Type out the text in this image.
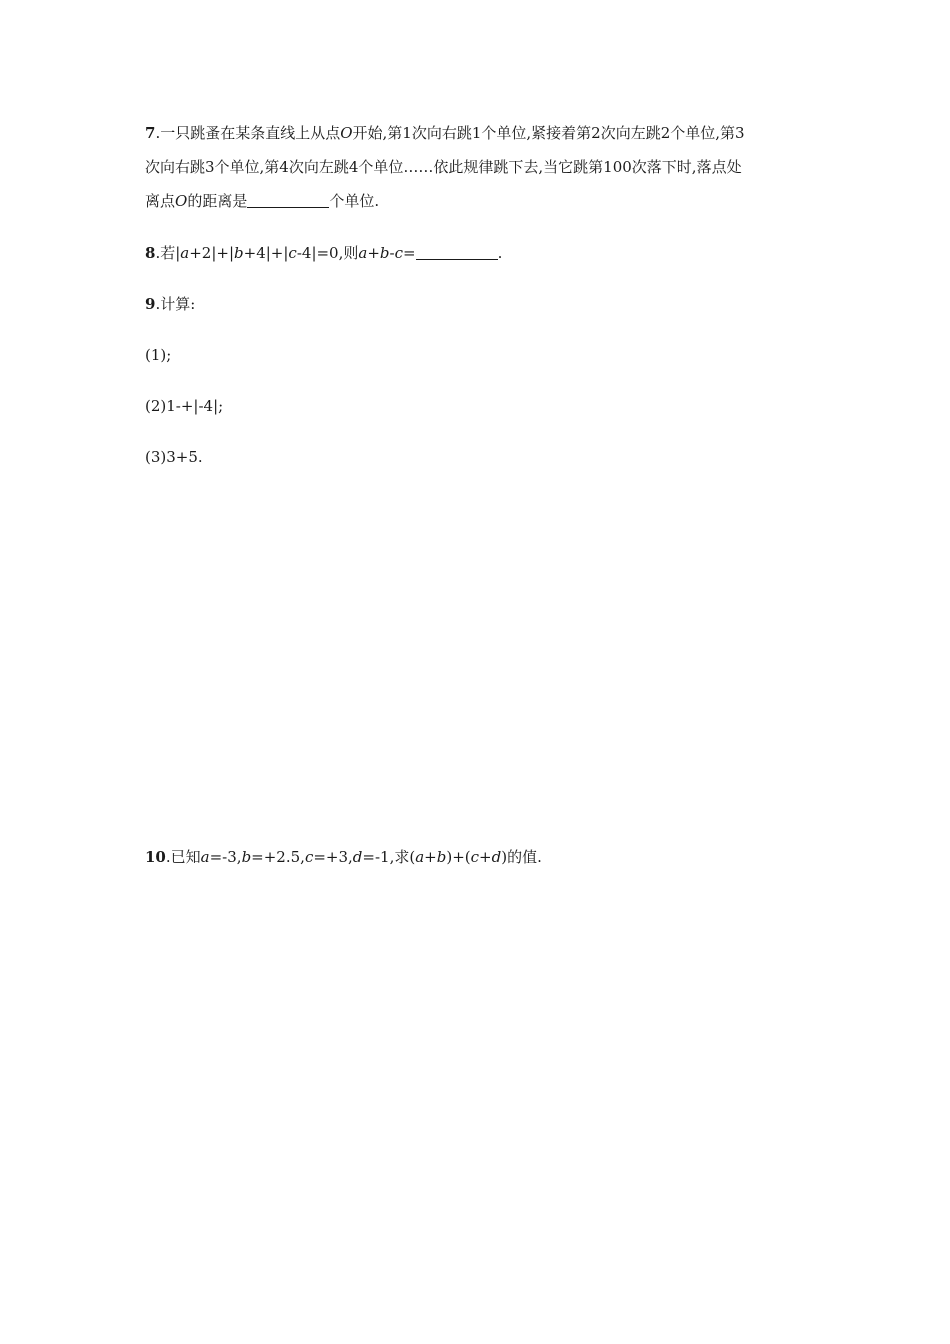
7.一只跳蚤在某条直线上从点O开始,第1次向右跳1个单位,紧接着第2次向左跳2个单位,第3
次向右跳3个单位,第4次向左跳4个单位……依此规律跳下去,当它跳第100次落下时,落点处
离点O的距离是	个单位.
8.若|a+2|+|b+4|+|c-4|=0,则a+b-c=	.
9.计算:
(1);
(2)1-+|-4|;
(3)3+5.
10.已知a=-3,b=+2.5,c=+3,d=-1,求(a+b)+(c+d)的值.
